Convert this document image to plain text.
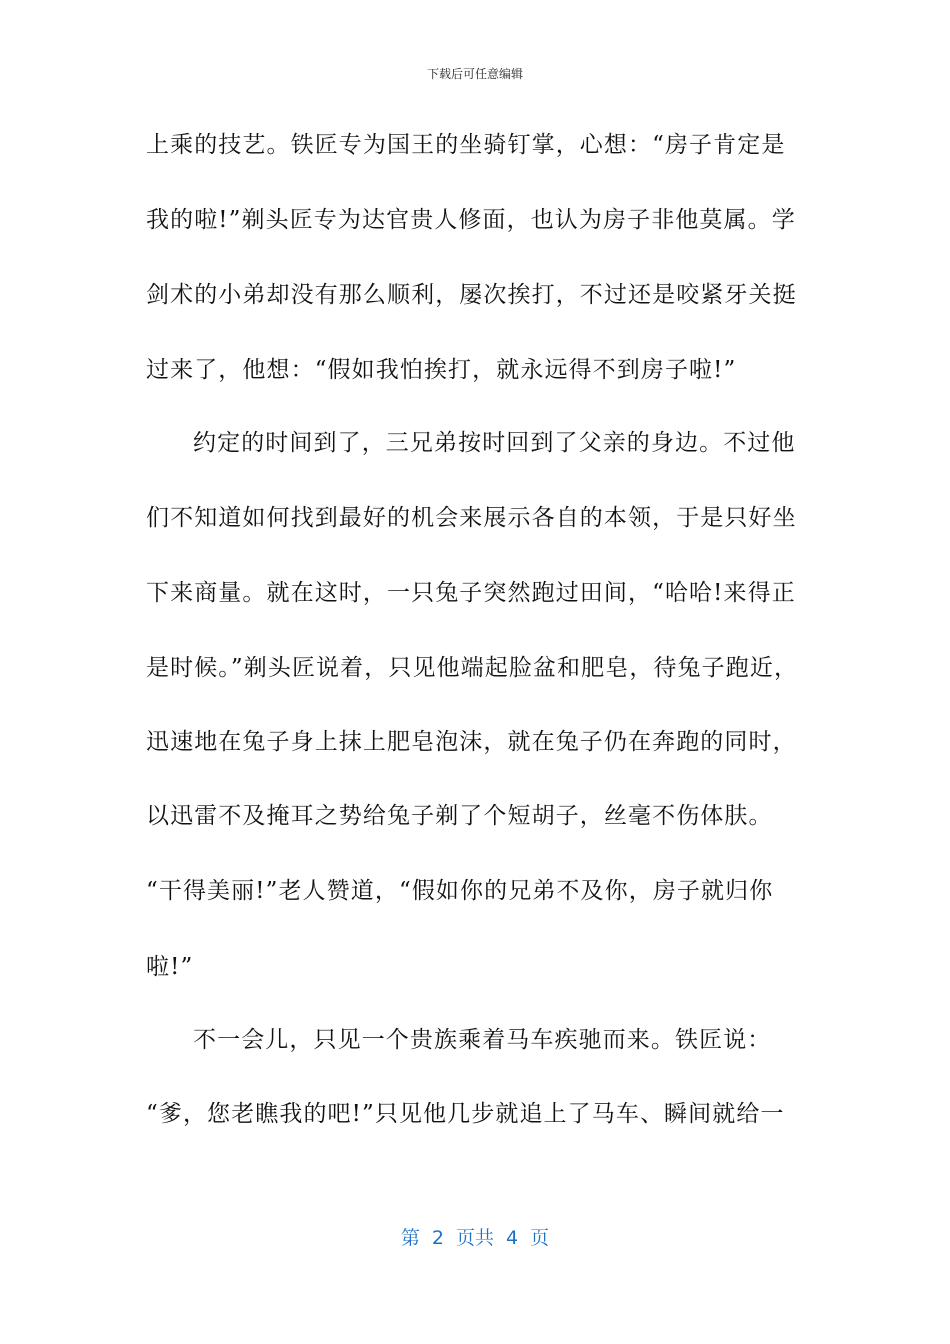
下载后可任意编辑
上乘的技艺。铁匠专为国王的坐骑钉掌，心想：“房子肯定是
我的啦!”剃头匠专为达官贵人修面，也认为房子非他莫属。学
剑术的小弟却没有那么顺利，屡次挨打，不过还是咬紧牙关挺
过来了，他想：“假如我怕挨打，就永远得不到房子啦!”
约定的时间到了，三兄弟按时回到了父亲的身边。不过他
们不知道如何找到最好的机会来展示各自的本领，于是只好坐
下来商量。就在这时，一只兔子突然跑过田间，“哈哈!来得正
是时候。”剃头匠说着，只见他端起脸盆和肥皂，待兔子跑近，
迅速地在兔子身上抹上肥皂泡沫，就在兔子仍在奔跑的同时，
以迅雷不及掩耳之势给兔子剃了个短胡子，丝毫不伤体肤。
“干得美丽!”老人赞道，“假如你的兄弟不及你，房子就归你
啦!”
不一会儿，只见一个贵族乘着马车疾驰而来。铁匠说：
“爹，您老瞧我的吧!”只见他几步就追上了马车、瞬间就给一
第 2 页共 4 页
